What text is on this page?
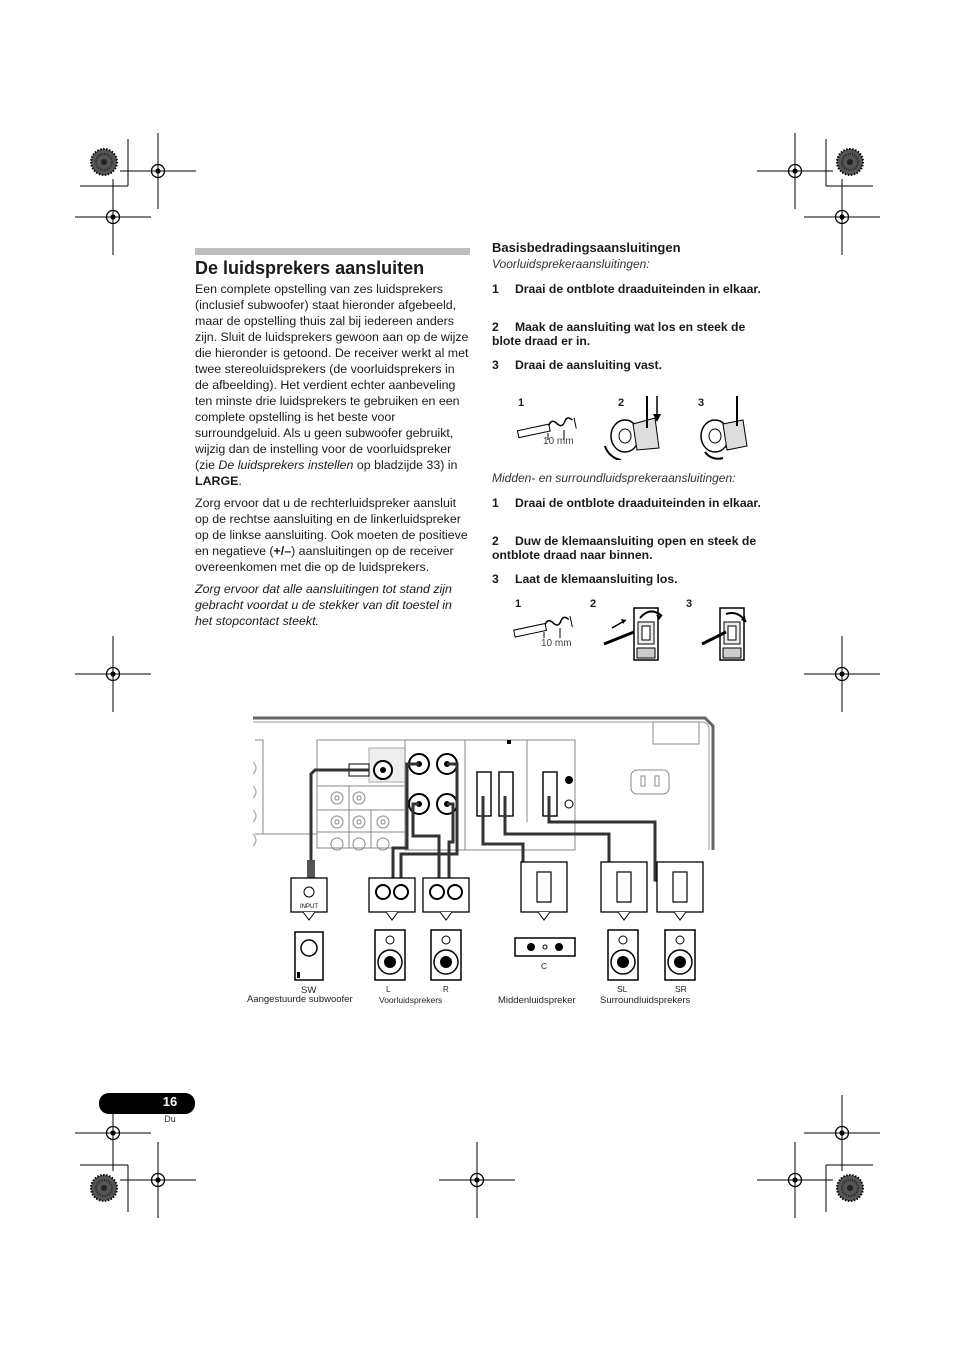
De luidsprekers aansluiten

Een complete opstelling van zes luidsprekers (inclusief subwoofer) staat hieronder afgebeeld, maar de opstelling thuis zal bij iedereen anders zijn. Sluit de luidsprekers gewoon aan op de wijze die hieronder is getoond. De receiver werkt al met twee stereoluidsprekers (de voorluidsprekers in de afbeelding). Het verdient echter aanbeveling ten minste drie luidsprekers te gebruiken en een complete opstelling is het beste voor surroundgeluid. Als u geen subwoofer gebruikt, wijzig dan de instelling voor de voorluidspreker (zie De luidsprekers instellen op bladzijde 33) in LARGE.

Zorg ervoor dat u de rechterluidspreker aansluit op de rechtse aansluiting en de linkerluidspreker op de linkse aansluiting. Ook moeten de positieve en negatieve (+/–) aansluitingen op de receiver overeenkomen met die op de luidsprekers.

Zorg ervoor dat alle aansluitingen tot stand zijn gebracht voordat u de stekker van dit toestel in het stopcontact steekt.

Basisbedradingsaansluitingen

Voorluidsprekeraansluitingen:

1 Draai de ontblote draaduiteinden in elkaar.
2 Maak de aansluiting wat los en steek de blote draad er in.
3 Draai de aansluiting vast.
1	2	3
10 mm
Midden- en surroundluidsprekeraansluitingen:
1 Draai de ontblote draaduiteinden in elkaar.
2 Duw de klemaansluiting open en steek de ontblote draad naar binnen.
3 Laat de klemaansluiting los.
1	2	3
10 mm
INPUT
SW
Aangestuurde subwoofer
L	R
Voorluidsprekers
C
Middenluidspreker
SL	SR
Surroundluidsprekers
16
Du
